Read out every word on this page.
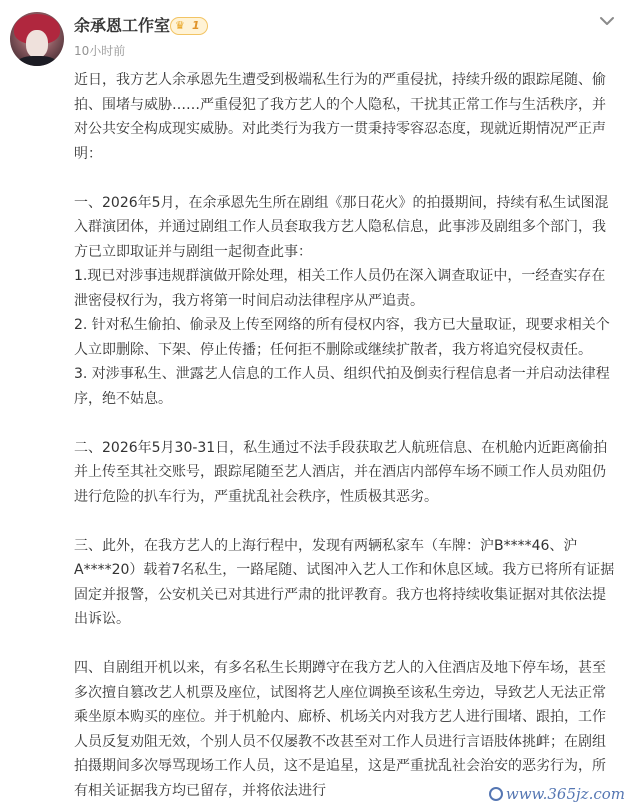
余承恩工作室 ♛ 1
10小时前

近日，我方艺人余承恩先生遭受到极端私生行为的严重侵扰，持续升级的跟踪尾随、偷拍、围堵与威胁……严重侵犯了我方艺人的个人隐私，干扰其正常工作与生活秩序，并对公共安全构成现实威胁。对此类行为我方一贯秉持零容忍态度，现就近期情况严正声明：

一、2026年5月，在余承恩先生所在剧组《那日花火》的拍摄期间，持续有私生试图混入群演团体，并通过剧组工作人员套取我方艺人隐私信息，此事涉及剧组多个部门，我方已立即取证并与剧组一起彻查此事：

1.现已对涉事违规群演做开除处理，相关工作人员仍在深入调查取证中，一经查实存在泄密侵权行为，我方将第一时间启动法律程序从严追责。

2. 针对私生偷拍、偷录及上传至网络的所有侵权内容，我方已大量取证，现要求相关个人立即删除、下架、停止传播；任何拒不删除或继续扩散者，我方将追究侵权责任。

3. 对涉事私生、泄露艺人信息的工作人员、组织代拍及倒卖行程信息者一并启动法律程序，绝不姑息。

二、2026年5月30-31日，私生通过不法手段获取艺人航班信息、在机舱内近距离偷拍并上传至其社交账号，跟踪尾随至艺人酒店，并在酒店内部停车场不顾工作人员劝阻仍进行危险的扒车行为，严重扰乱社会秩序，性质极其恶劣。

三、此外，在我方艺人的上海行程中，发现有两辆私家车（车牌：沪B****46、沪A****20）载着7名私生，一路尾随、试图冲入艺人工作和休息区域。我方已将所有证据固定并报警，公安机关已对其进行严肃的批评教育。我方也将持续收集证据对其依法提出诉讼。

四、自剧组开机以来，有多名私生长期蹲守在我方艺人的入住酒店及地下停车场，甚至多次擅自篡改艺人机票及座位，试图将艺人座位调换至该私生旁边，导致艺人无法正常乘坐原本购买的座位。并于机舱内、廊桥、机场关内对我方艺人进行围堵、跟拍，工作人员反复劝阻无效，个别人员不仅屡教不改甚至对工作人员进行言语肢体挑衅；在剧组拍摄期间多次辱骂现场工作人员，这不是追星，这是严重扰乱社会治安的恶劣行为，所有相关证据我方均已留存，并将依法进行	www.365jz.com
